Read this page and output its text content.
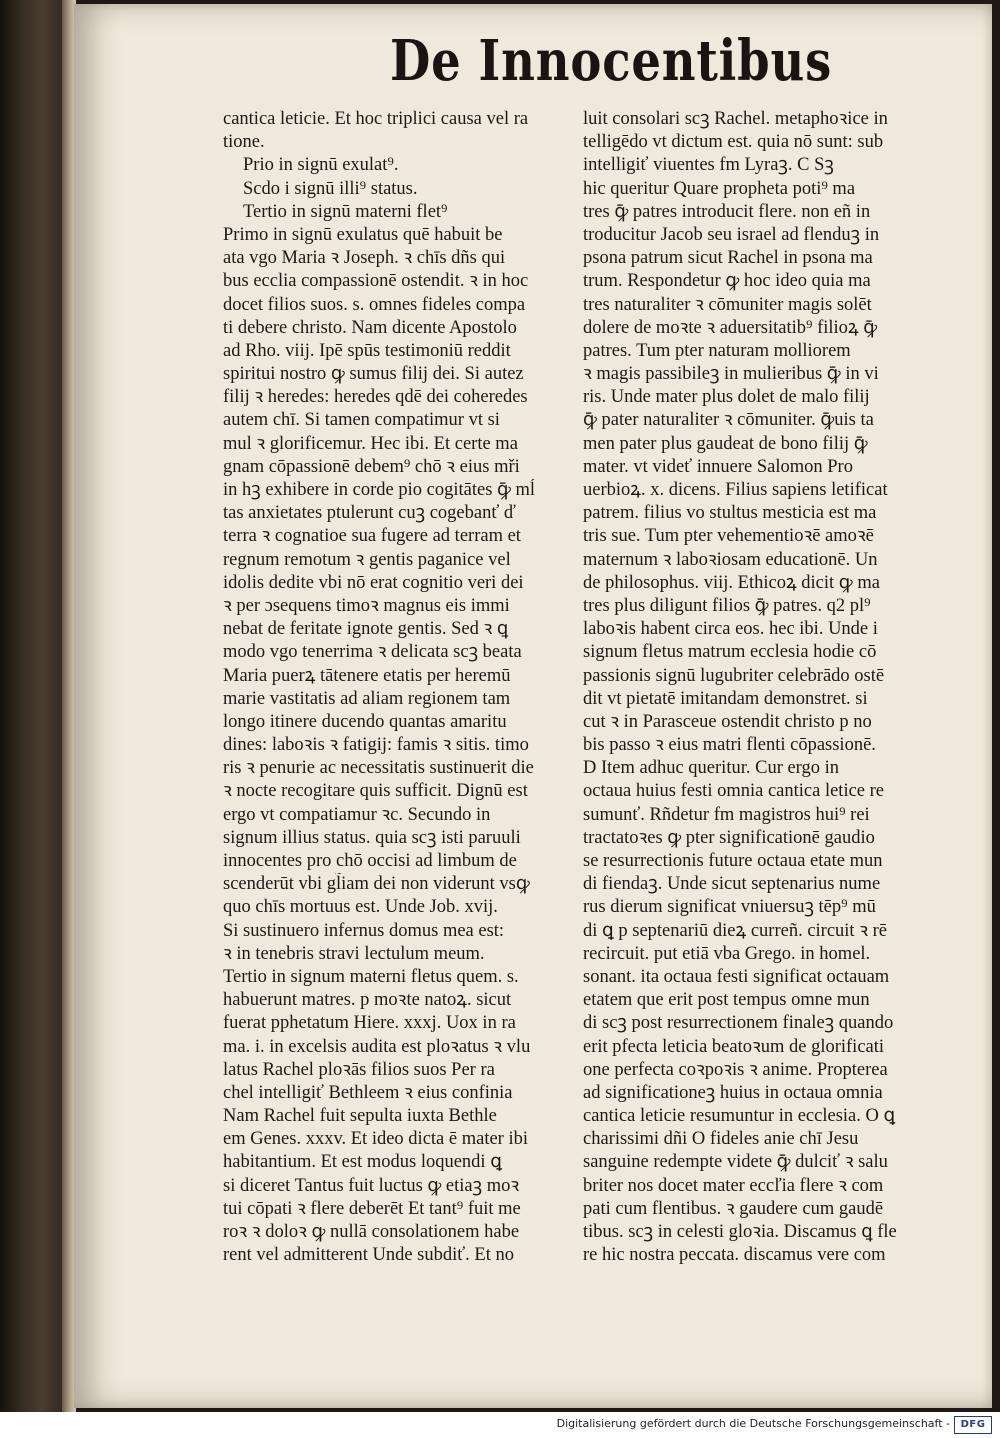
De Innocentibus
cantica leticie. Et hoc triplici causa vel ra
tione.
Prio in signū exulat⁹.
Scdo i signū illi⁹ status.
Tertio in signū materni flet⁹
Primo in signū exulatus quē habuit be
ata vgo Maria ꝛ Joseph. ꝛ chīs dñs qui
bus ecclia compassionē ostendit. ꝛ in hoc
docet filios suos. s. omnes fideles compa
ti debere christo. Nam dicente Apostolo
ad Rho. viij. Ipē spūs testimoniū reddit
spiritui nostro ꝙ sumus filij dei. Si autez
filij ꝛ heredes: heredes qdē dei coheredes
autem chī. Si tamen compatimur vt si
mul ꝛ glorificemur. Hec ibi. Et certe ma
gnam cōpassionē debem⁹ chō ꝛ eius mři
in hꝫ exhibere in corde pio cogitātes ꝙ̄ mĺ
tas anxietates ptulerunt cuꝫ cogebanť ď
terra ꝛ cognatioe sua fugere ad terram et
regnum remotum ꝛ gentis paganice vel
idolis dedite vbi nō erat cognitio veri dei
ꝛ per ɔsequens timoꝛ magnus eis immi
nebat de feritate ignote gentis. Sed ꝛ ꝗ
modo vgo tenerrima ꝛ delicata scꝫ beata
Maria puerꝝ tātenere etatis per heremū
marie vastitatis ad aliam regionem tam
longo itinere ducendo quantas amaritu
dines: laboꝛis ꝛ fatigij: famis ꝛ sitis. timo
ris ꝛ penurie ac necessitatis sustinuerit die
ꝛ nocte recogitare quis sufficit. Dignū est
ergo vt compatiamur ꝛc. Secundo in
signum illius status. quia scꝫ isti paruuli
innocentes pro chō occisi ad limbum de
scenderūt vbi gl̃iam dei non viderunt vsꝙ
quo chīs mortuus est. Unde Job. xvij.
Si sustinuero infernus domus mea est:
ꝛ in tenebris stravi lectulum meum.
Tertio in signum materni fletus quem. s.
habuerunt matres. p moꝛte natoꝝ. sicut
fuerat pphetatum Hiere. xxxj. Uox in ra
ma. i. in excelsis audita est ploꝛatus ꝛ vlu
latus Rachel ploꝛās filios suos Per ra
chel intelligiť Bethleem ꝛ eius confinia
Nam Rachel fuit sepulta iuxta Bethle
em Genes. xxxv. Et ideo dicta ē mater ibi
habitantium. Et est modus loquendi ꝗ
si diceret Tantus fuit luctus ꝙ etiaꝫ moꝛ
tui cōpati ꝛ flere deberēt Et tant⁹ fuit me
roꝛ ꝛ doloꝛ ꝙ nullā consolationem habe
rent vel admitterent Unde subdiť. Et no
luit consolari scꝫ Rachel. metaphoꝛice in
telligēdo vt dictum est. quia nō sunt: sub
intelligiť viuentes fm Lyraꝫ. C Sꝫ
hic queritur Quare propheta poti⁹ ma
tres ꝙ̄ patres introducit flere. non eñ in
troducitur Jacob seu israel ad flenduꝫ in
psona patrum sicut Rachel in psona ma
trum. Respondetur ꝙ hoc ideo quia ma
tres naturaliter ꝛ cōmuniter magis solēt
dolere de moꝛte ꝛ aduersitatib⁹ filioꝝ ꝙ̄
patres. Tum pter naturam molliorem
ꝛ magis passibileꝫ in mulieribus ꝙ̄ in vi
ris. Unde mater plus dolet de malo filij
ꝙ̄ pater naturaliter ꝛ cōmuniter. ꝙ̄uis ta
men pater plus gaudeat de bono filij ꝙ̄
mater. vt videť innuere Salomon Pro
uerbioꝝ. x. dicens. Filius sapiens letificat
patrem. filius vo stultus mesticia est ma
tris sue. Tum pter vehementioꝛē amoꝛē
maternum ꝛ laboꝛiosam educationē. Un
de philosophus. viij. Ethicoꝝ dicit ꝙ ma
tres plus diligunt filios ꝙ̄ patres. q2 pl⁹
laboꝛis habent circa eos. hec ibi. Unde i
signum fletus matrum ecclesia hodie cō
passionis signū lugubriter celebrādo ostē
dit vt pietatē imitandam demonstret. si
cut ꝛ in Parasceue ostendit christo p no
bis passo ꝛ eius matri flenti cōpassionē.
D Item adhuc queritur. Cur ergo in
octaua huius festi omnia cantica letice re
sumunť. Rñdetur fm magistros hui⁹ rei
tractatoꝛes ꝙ pter significationē gaudio
se resurrectionis future octaua etate mun
di fiendaꝫ. Unde sicut septenarius nume
rus dierum significat vniuersuꝫ tēp⁹ mū
di ꝗ p septenariū dieꝝ curreñ. circuit ꝛ rē
recircuit. put etiā vba Grego. in homel.
sonant. ita octaua festi significat octauam
etatem que erit post tempus omne mun
di scꝫ post resurrectionem finaleꝫ quando
erit pfecta leticia beatoꝛum de glorificati
one perfecta coꝛpoꝛis ꝛ anime. Propterea
ad significationeꝫ huius in octaua omnia
cantica leticie resumuntur in ecclesia. O ꝗ
charissimi dñi O fideles anie chī Jesu
sanguine redempte videte ꝙ̄ dulciť ꝛ salu
briter nos docet mater eccľia flere ꝛ com
pati cum flentibus. ꝛ gaudere cum gaudē
tibus. scꝫ in celesti gloꝛia. Discamus ꝗ fle
re hic nostra peccata. discamus vere com
Digitalisierung gefördert durch die Deutsche Forschungsgemeinschaft -	DFG
